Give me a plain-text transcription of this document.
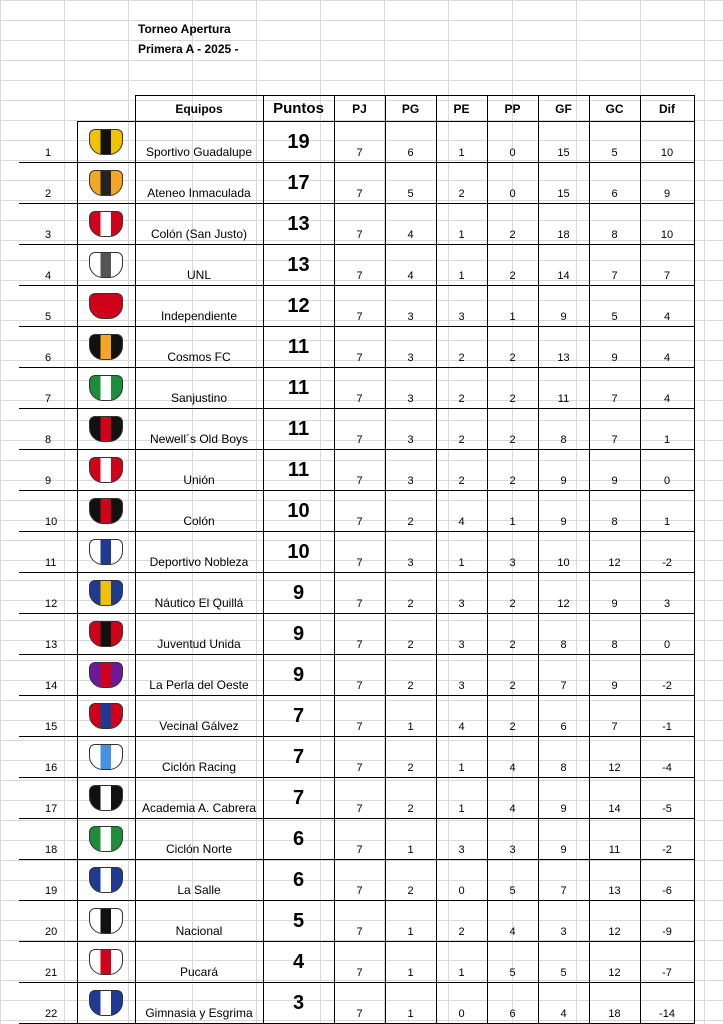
Torneo Apertura
Primera A - 2025 -
		Equipos	Puntos	PJ	PG	PE	PP	GF	GC	Dif
1		Sportivo Guadalupe	19	7	6	1	0	15	5	10
2		Ateneo Inmaculada	17	7	5	2	0	15	6	9
3		Colón (San Justo)	13	7	4	1	2	18	8	10
4		UNL	13	7	4	1	2	14	7	7
5		Independiente	12	7	3	3	1	9	5	4
6		Cosmos FC	11	7	3	2	2	13	9	4
7		Sanjustino	11	7	3	2	2	11	7	4
8		Newell´s Old Boys	11	7	3	2	2	8	7	1
9		Unión	11	7	3	2	2	9	9	0
10		Colón	10	7	2	4	1	9	8	1
11		Deportivo Nobleza	10	7	3	1	3	10	12	-2
12		Náutico El Quillá	9	7	2	3	2	12	9	3
13		Juventud Unida	9	7	2	3	2	8	8	0
14		La Perla del Oeste	9	7	2	3	2	7	9	-2
15		Vecinal Gálvez	7	7	1	4	2	6	7	-1
16		Ciclón Racing	7	7	2	1	4	8	12	-4
17		Academia A. Cabrera	7	7	2	1	4	9	14	-5
18		Ciclón Norte	6	7	1	3	3	9	11	-2
19		La Salle	6	7	2	0	5	7	13	-6
20		Nacional	5	7	1	2	4	3	12	-9
21		Pucará	4	7	1	1	5	5	12	-7
22		Gimnasia y Esgrima	3	7	1	0	6	4	18	-14
